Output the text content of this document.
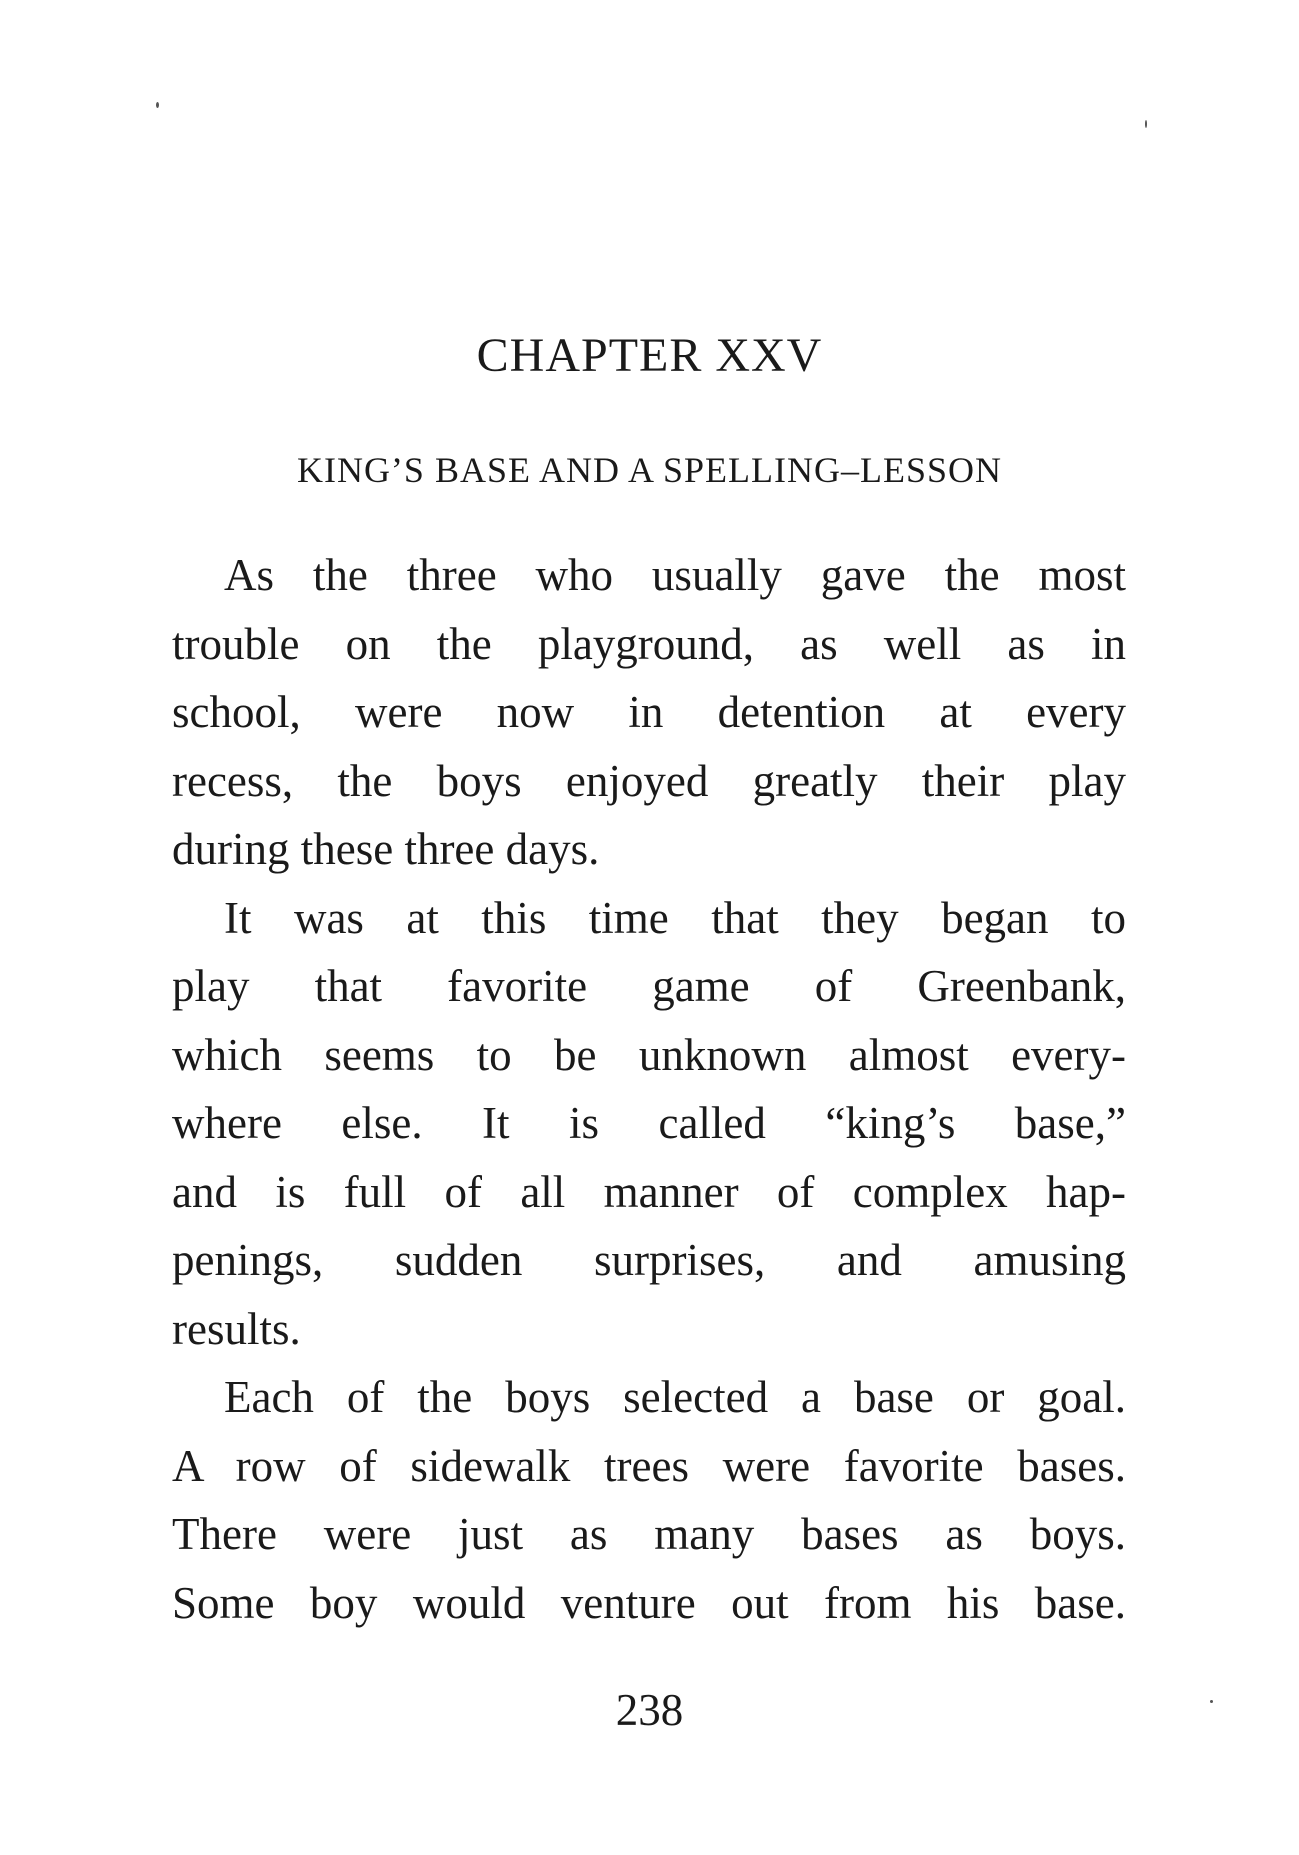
CHAPTER XXV
KING’S BASE AND A SPELLING–LESSON

As the three who usually gave the most
trouble on the playground, as well as in
school, were now in detention at every
recess, the boys enjoyed greatly their play
during these three days.

It was at this time that they began to
play that favorite game of Greenbank,
which seems to be unknown almost every-
where else. It is called “king’s base,”
and is full of all manner of complex hap-
penings, sudden surprises, and amusing
results.

Each of the boys selected a base or goal.
A row of sidewalk trees were favorite bases.
There were just as many bases as boys.
Some boy would venture out from his base.

238
